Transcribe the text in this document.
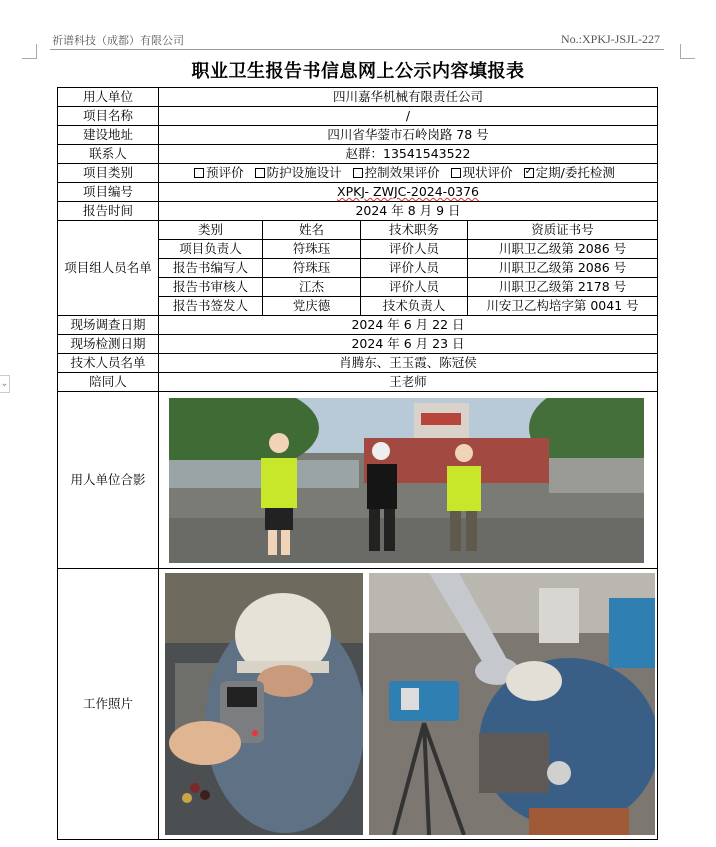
祈谱科技（成都）有限公司	No.:XPKJ-JSJL-227
⌄
职业卫生报告书信息网上公示内容填报表
用人单位	四川嘉华机械有限责任公司			
项目名称	/			
建设地址	四川省华蓥市石岭岗路 78 号			
联系人	赵群：13541543522			
项目类别	预评价 防护设施设计 控制效果评价 现状评价 ✓ 定期/委托检测
项目编号	XPKJ- ZWJC-2024-0376			
报告时间	2024 年 8 月 9 日			
项目组人员名单	类别	姓名	技术职务	资质证书号
	项目负责人	符珠珏	评价人员	川职卫乙级第 2086 号
	报告书编写人	符珠珏	评价人员	川职卫乙级第 2086 号
	报告书审核人	江杰	评价人员	川职卫乙级第 2178 号
	报告书签发人	党庆德	技术负责人	川安卫乙构培字第 0041 号
现场调查日期	2024 年 6 月 22 日			
现场检测日期	2024 年 6 月 23 日			
技术人员名单	肖腾东、王玉霞、陈冠侯			
陪同人	王老师			
用人单位合影	

工作照片	
